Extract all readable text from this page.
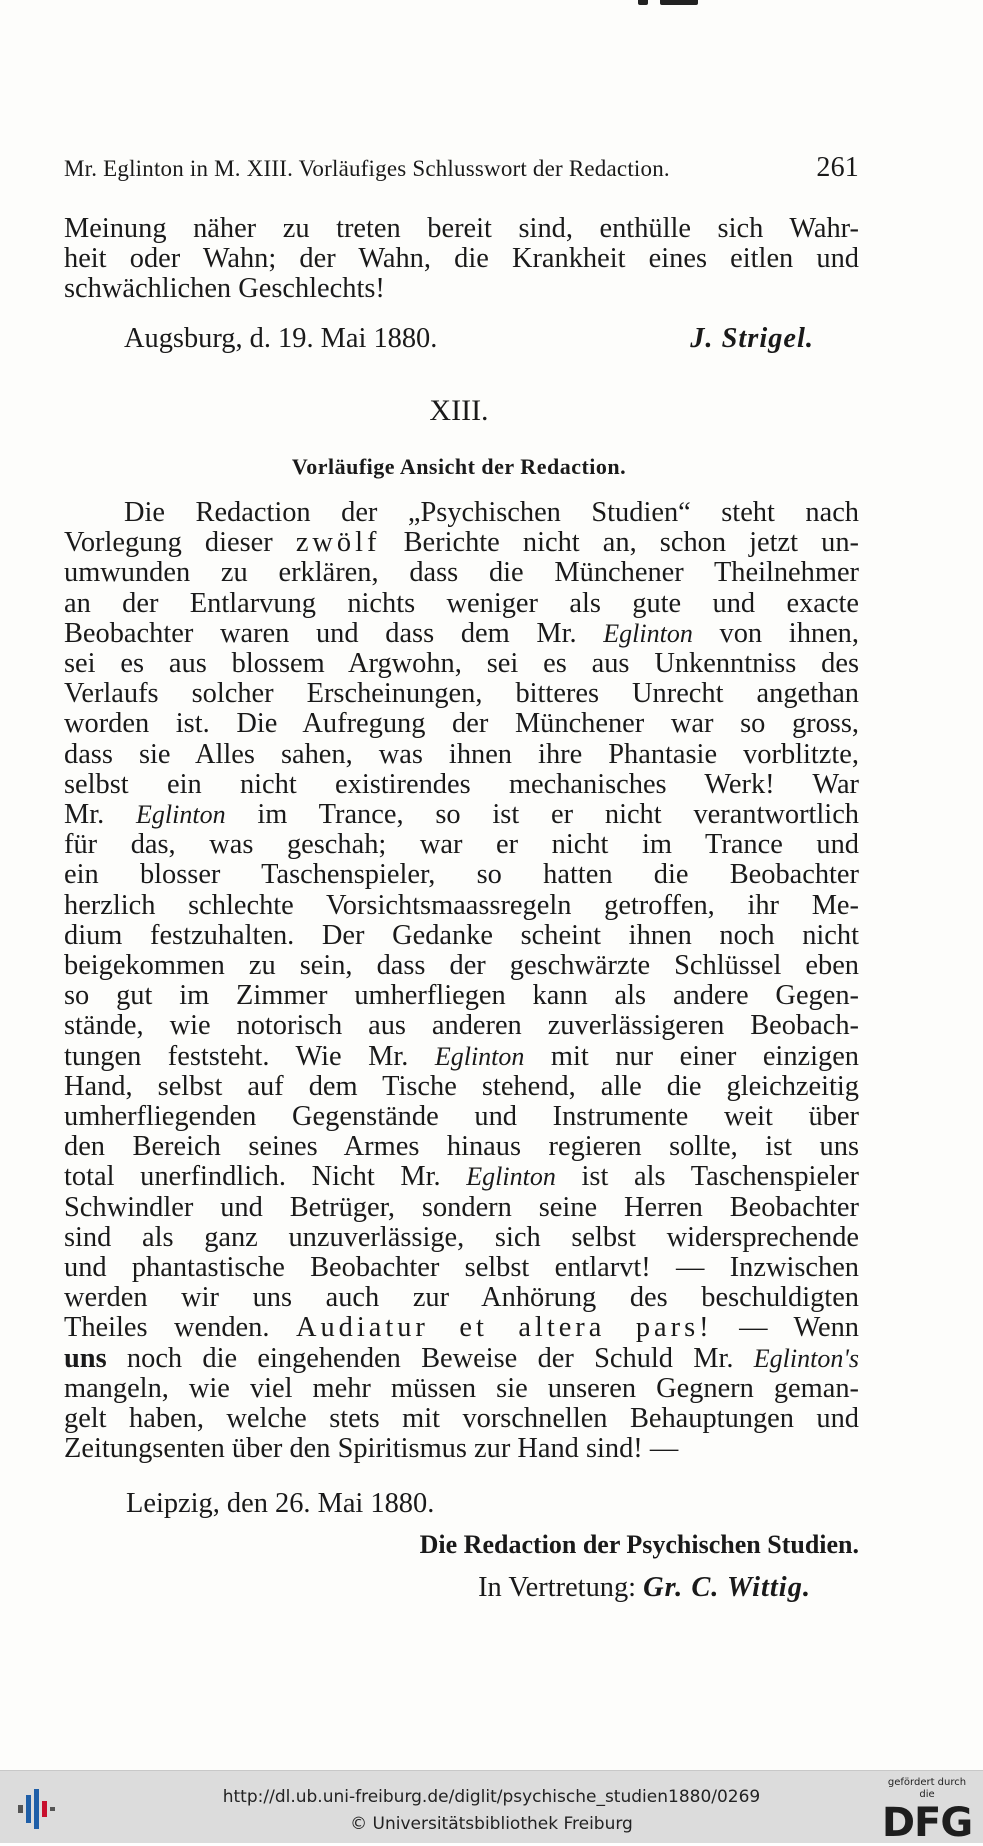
Mr. Eglinton in M. XIII. Vorläufiges Schlusswort der Redaction.	261
Meinung näher zu treten bereit sind, enthülle sich Wahr-
heit oder Wahn; der Wahn, die Krankheit eines eitlen und
schwächlichen Geschlechts!
Augsburg, d. 19. Mai 1880.	J. Strigel.
XIII.
Vorläufige Ansicht der Redaction.
Die Redaction der „Psychischen Studien“ steht nach
Vorlegung dieser zwölf Berichte nicht an, schon jetzt un-
umwunden zu erklären, dass die Münchener Theilnehmer
an der Entlarvung nichts weniger als gute und exacte
Beobachter waren und dass dem Mr. Eglinton von ihnen,
sei es aus blossem Argwohn, sei es aus Unkenntniss des
Verlaufs solcher Erscheinungen, bitteres Unrecht angethan
worden ist. Die Aufregung der Münchener war so gross,
dass sie Alles sahen, was ihnen ihre Phantasie vorblitzte,
selbst ein nicht existirendes mechanisches Werk! War
Mr. Eglinton im Trance, so ist er nicht verantwortlich
für das, was geschah; war er nicht im Trance und
ein blosser Taschenspieler, so hatten die Beobachter
herzlich schlechte Vorsichtsmaassregeln getroffen, ihr Me-
dium festzuhalten. Der Gedanke scheint ihnen noch nicht
beigekommen zu sein, dass der geschwärzte Schlüssel eben
so gut im Zimmer umherfliegen kann als andere Gegen-
stände, wie notorisch aus anderen zuverlässigeren Beobach-
tungen feststeht. Wie Mr. Eglinton mit nur einer einzigen
Hand, selbst auf dem Tische stehend, alle die gleichzeitig
umherfliegenden Gegenstände und Instrumente weit über
den Bereich seines Armes hinaus regieren sollte, ist uns
total unerfindlich. Nicht Mr. Eglinton ist als Taschenspieler
Schwindler und Betrüger, sondern seine Herren Beobachter
sind als ganz unzuverlässige, sich selbst widersprechende
und phantastische Beobachter selbst entlarvt! — Inzwischen
werden wir uns auch zur Anhörung des beschuldigten
Theiles wenden. Audiatur et altera pars! — Wenn
uns noch die eingehenden Beweise der Schuld Mr. Eglinton's
mangeln, wie viel mehr müssen sie unseren Gegnern geman-
gelt haben, welche stets mit vorschnellen Behauptungen und
Zeitungsenten über den Spiritismus zur Hand sind! —
Leipzig, den 26. Mai 1880.
Die Redaction der Psychischen Studien.
In Vertretung: Gr. C. Wittig.
http://dl.ub.uni-freiburg.de/diglit/psychische_studien1880/0269
© Universitätsbibliothek Freiburg
gefördert durch die
DFG
